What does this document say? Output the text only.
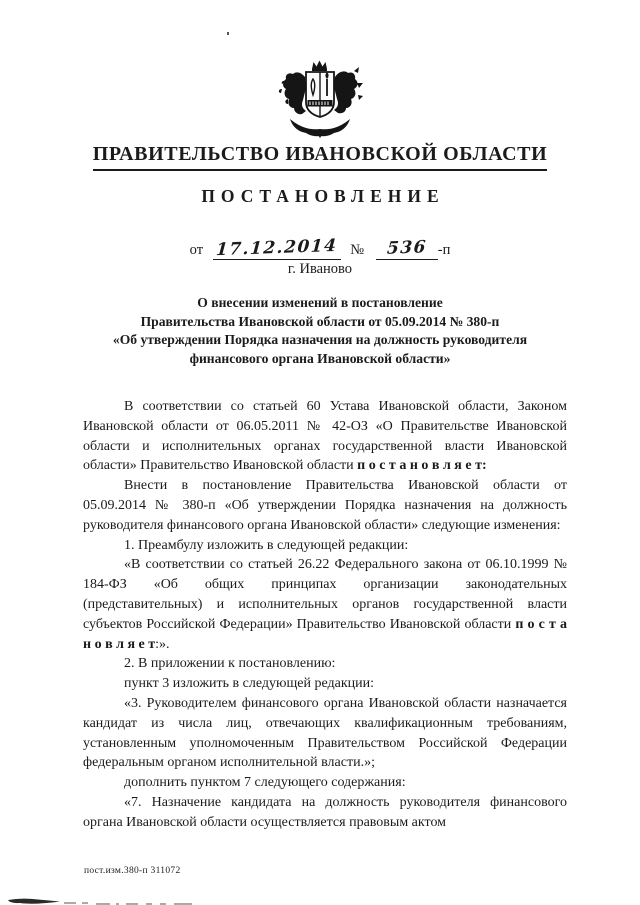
ПРАВИТЕЛЬСТВО ИВАНОВСКОЙ ОБЛАСТИ
ПОСТАНОВЛЕНИЕ
от 17.12.2014 № 536 -п
г. Иваново
О внесении изменений в постановление
Правительства Ивановской области от 05.09.2014 № 380-п
«Об утверждении Порядка назначения на должность руководителя
финансового органа Ивановской области»

В соответствии со статьей 60 Устава Ивановской области, Законом Ивановской области от 06.05.2011 № 42-ОЗ «О Правительстве Ивановской области и исполнительных органах государственной власти Ивановской области» Правительство Ивановской области п о с т а н о в л я е т:

Внести в постановление Правительства Ивановской области от 05.09.2014 № 380-п «Об утверждении Порядка назначения на должность руководителя финансового органа Ивановской области» следующие изменения:

1. Преамбулу изложить в следующей редакции:

«В соответствии со статьей 26.22 Федерального закона от 06.10.1999 № 184-ФЗ «Об общих принципах организации законодательных (представительных) и исполнительных органов государственной власти субъектов Российской Федерации» Правительство Ивановской области п о с т а н о в л я е т:».

2. В приложении к постановлению:

пункт 3 изложить в следующей редакции:

«3. Руководителем финансового органа Ивановской области назначается кандидат из числа лиц, отвечающих квалификационным требованиям, установленным уполномоченным Правительством Российской Федерации федеральным органом исполнительной власти.»;

дополнить пунктом 7 следующего содержания:

«7. Назначение кандидата на должность руководителя финансового органа Ивановской области осуществляется правовым актом

пост.изм.380-п 311072
